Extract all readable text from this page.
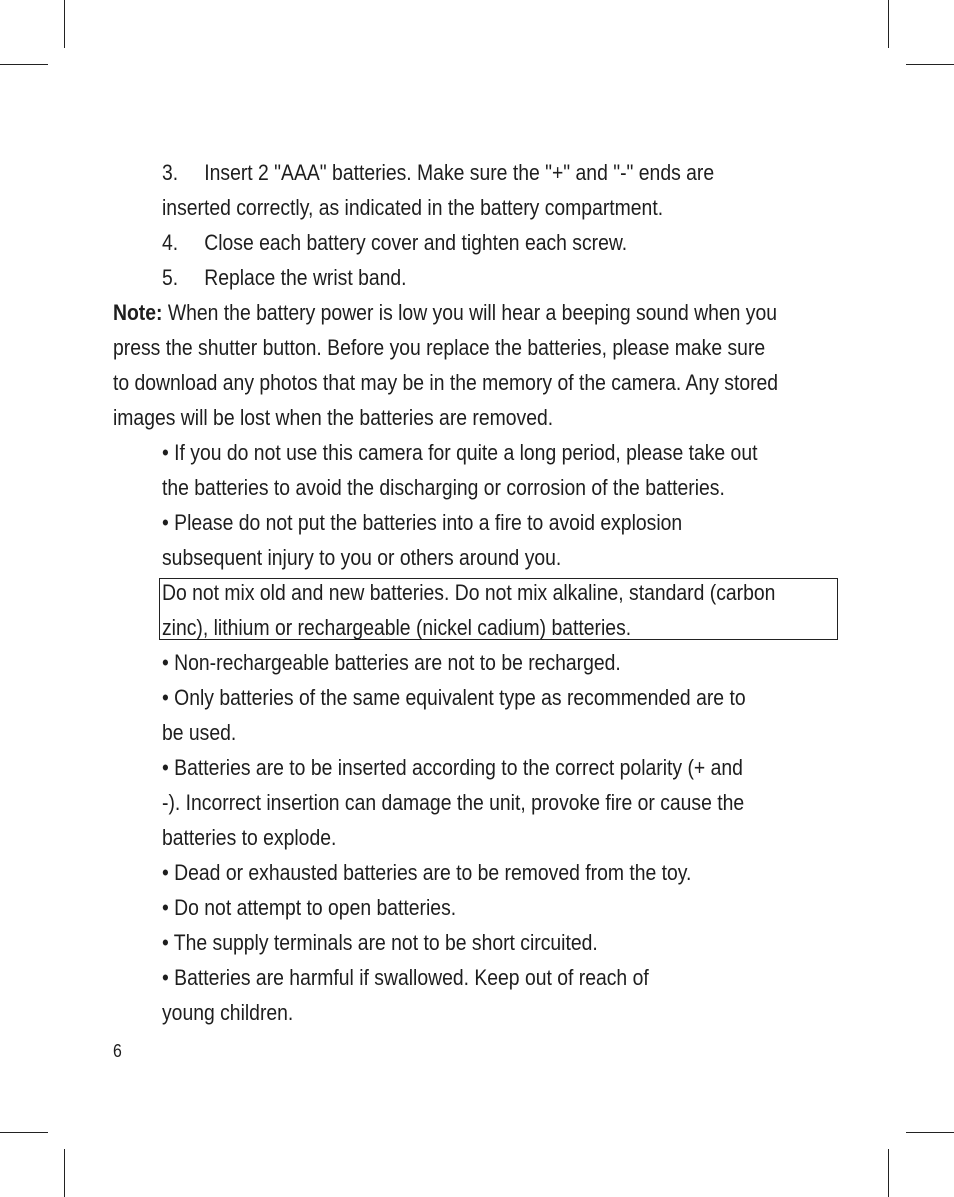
3. Insert 2 "AAA" batteries. Make sure the "+" and "-" ends are
inserted correctly, as indicated in the battery compartment.
4. Close each battery cover and tighten each screw.
5. Replace the wrist band.
Note: When the battery power is low you will hear a beeping sound when you
press the shutter button. Before you replace the batteries, please make sure
to download any photos that may be in the memory of the camera. Any stored
images will be lost when the batteries are removed.
• If you do not use this camera for quite a long period, please take out
the batteries to avoid the discharging or corrosion of the batteries.
• Please do not put the batteries into a fire to avoid explosion
subsequent injury to you or others around you.
Do not mix old and new batteries. Do not mix alkaline, standard (carbon
zinc), lithium or rechargeable (nickel cadium) batteries.
• Non-rechargeable batteries are not to be recharged.
• Only batteries of the same equivalent type as recommended are to
be used.
• Batteries are to be inserted according to the correct polarity (+ and
-). Incorrect insertion can damage the unit, provoke fire or cause the
batteries to explode.
• Dead or exhausted batteries are to be removed from the toy.
• Do not attempt to open batteries.
• The supply terminals are not to be short circuited.
• Batteries are harmful if swallowed. Keep out of reach of
young children.
6
